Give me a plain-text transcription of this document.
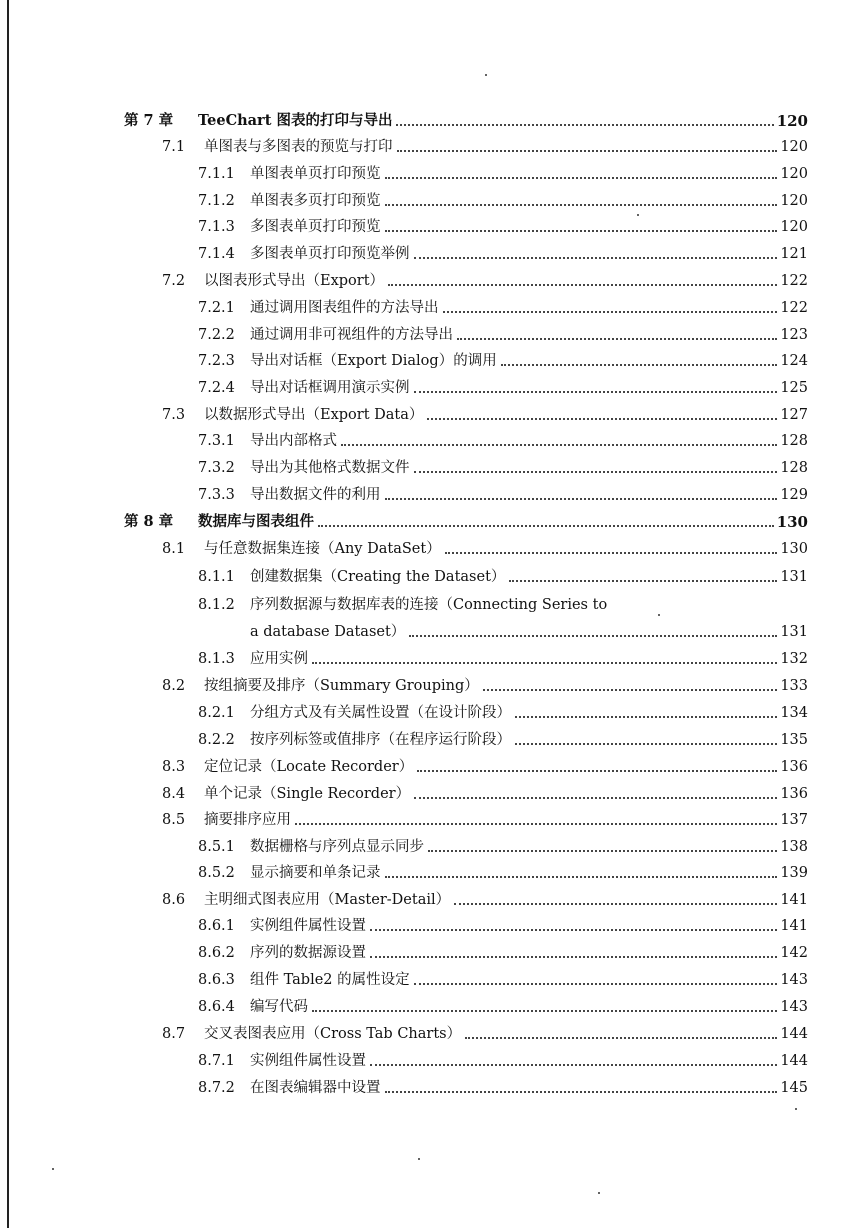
第 7 章	TeeChart 图表的打印与导出	120
7.1	单图表与多图表的预览与打印	120
7.1.1	单图表单页打印预览	120
7.1.2	单图表多页打印预览	120
7.1.3	多图表单页打印预览	120
7.1.4	多图表单页打印预览举例	121
7.2	以图表形式导出（Export）	122
7.2.1	通过调用图表组件的方法导出	122
7.2.2	通过调用非可视组件的方法导出	123
7.2.3	导出对话框（Export Dialog）的调用	124
7.2.4	导出对话框调用演示实例	125
7.3	以数据形式导出（Export Data）	127
7.3.1	导出内部格式	128
7.3.2	导出为其他格式数据文件	128
7.3.3	导出数据文件的利用	129
第 8 章	数据库与图表组件	130
8.1	与任意数据集连接（Any DataSet）	130
8.1.1	创建数据集（Creating the Dataset）	131
8.1.2	序列数据源与数据库表的连接（Connecting Series to
a database Dataset）	131
8.1.3	应用实例	132
8.2	按组摘要及排序（Summary Grouping）	133
8.2.1	分组方式及有关属性设置（在设计阶段）	134
8.2.2	按序列标签或值排序（在程序运行阶段）	135
8.3	定位记录（Locate Recorder）	136
8.4	单个记录（Single Recorder）	136
8.5	摘要排序应用	137
8.5.1	数据栅格与序列点显示同步	138
8.5.2	显示摘要和单条记录	139
8.6	主明细式图表应用（Master-Detail）	141
8.6.1	实例组件属性设置	141
8.6.2	序列的数据源设置	142
8.6.3	组件 Table2 的属性设定	143
8.6.4	编写代码	143
8.7	交叉表图表应用（Cross Tab Charts）	144
8.7.1	实例组件属性设置	144
8.7.2	在图表编辑器中设置	145
